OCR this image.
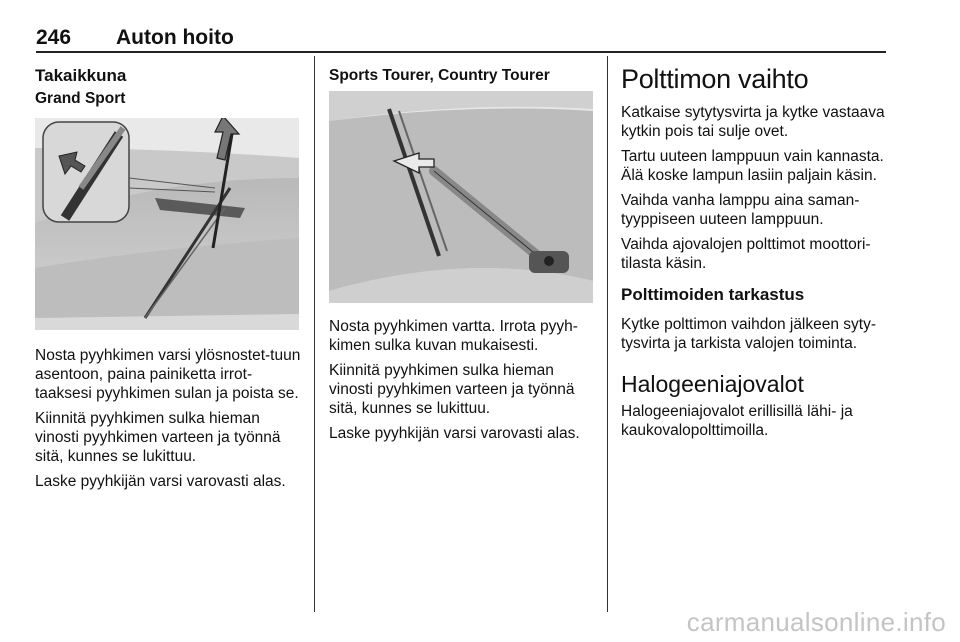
246 Auton hoito
Takaikkuna
Grand Sport

Nosta pyyhkimen varsi ylösnostet-tuun asentoon, paina painiketta irrot-taaksesi pyyhkimen sulan ja poista se.

Kiinnitä pyyhkimen sulka hieman vinosti pyyhkimen varteen ja työnnä sitä, kunnes se lukittuu.

Laske pyyhkijän varsi varovasti alas.

Sports Tourer, Country Tourer

Nosta pyyhkimen vartta. Irrota pyyh-kimen sulka kuvan mukaisesti.

Kiinnitä pyyhkimen sulka hieman vinosti pyyhkimen varteen ja työnnä sitä, kunnes se lukittuu.

Laske pyyhkijän varsi varovasti alas.

Polttimon vaihto

Katkaise sytytysvirta ja kytke vastaava kytkin pois tai sulje ovet.

Tartu uuteen lamppuun vain kannasta. Älä koske lampun lasiin paljain käsin.

Vaihda vanha lamppu aina saman-tyyppiseen uuteen lamppuun.

Vaihda ajovalojen polttimot moottori-tilasta käsin.

Polttimoiden tarkastus

Kytke polttimon vaihdon jälkeen syty-tysvirta ja tarkista valojen toiminta.

Halogeeniajovalot

Halogeeniajovalot erillisillä lähi- ja kaukovalopolttimoilla.

carmanualsonline.info
